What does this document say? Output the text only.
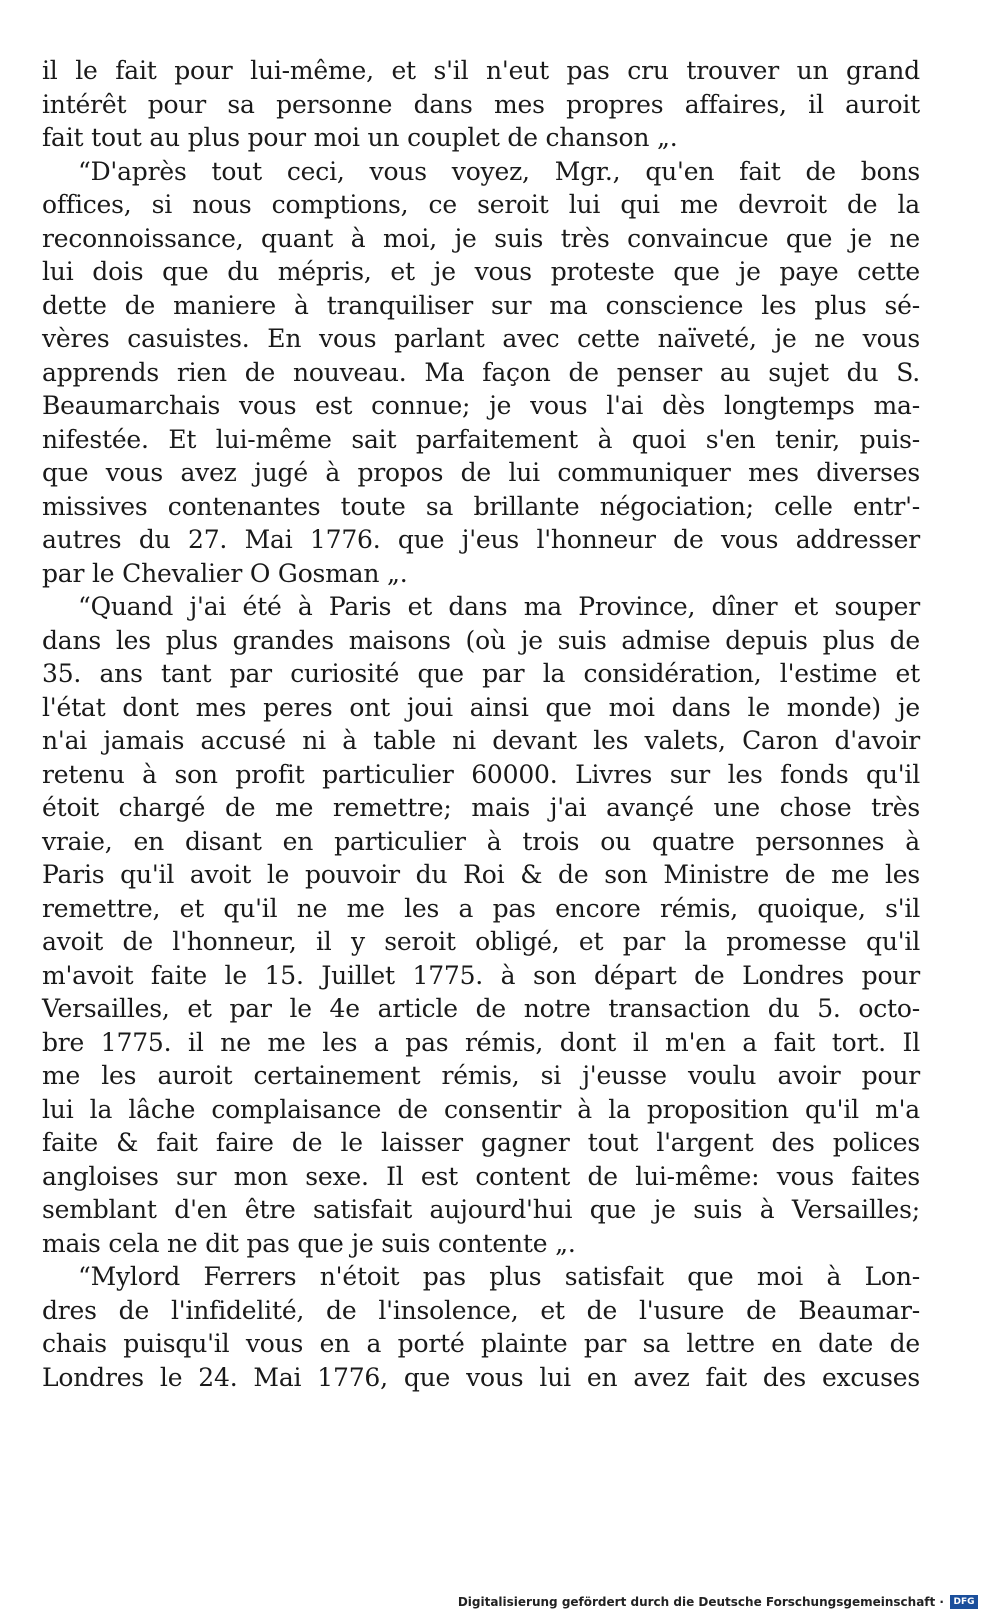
il le fait pour lui-même, et s'il n'eut pas cru trouver un grand
intérêt pour sa personne dans mes propres affaires, il auroit
fait tout au plus pour moi un couplet de chanson „.
“D'après tout ceci, vous voyez, Mgr., qu'en fait de bons
offices, si nous comptions, ce seroit lui qui me devroit de la
reconnoissance, quant à moi, je suis très convaincue que je ne
lui dois que du mépris, et je vous proteste que je paye cette
dette de maniere à tranquiliser sur ma conscience les plus sé-
vères casuistes. En vous parlant avec cette naïveté, je ne vous
apprends rien de nouveau. Ma façon de penser au sujet du S.
Beaumarchais vous est connue; je vous l'ai dès longtemps ma-
nifestée. Et lui-même sait parfaitement à quoi s'en tenir, puis-
que vous avez jugé à propos de lui communiquer mes diverses
missives contenantes toute sa brillante négociation; celle entr'-
autres du 27. Mai 1776. que j'eus l'honneur de vous addresser
par le Chevalier O Gosman „.
“Quand j'ai été à Paris et dans ma Province, dîner et souper
dans les plus grandes maisons (où je suis admise depuis plus de
35. ans tant par curiosité que par la considération, l'estime et
l'état dont mes peres ont joui ainsi que moi dans le monde) je
n'ai jamais accusé ni à table ni devant les valets, Caron d'avoir
retenu à son profit particulier 60000. Livres sur les fonds qu'il
étoit chargé de me remettre; mais j'ai avançé une chose très
vraie, en disant en particulier à trois ou quatre personnes à
Paris qu'il avoit le pouvoir du Roi & de son Ministre de me les
remettre, et qu'il ne me les a pas encore rémis, quoique, s'il
avoit de l'honneur, il y seroit obligé, et par la promesse qu'il
m'avoit faite le 15. Juillet 1775. à son départ de Londres pour
Versailles, et par le 4e article de notre transaction du 5. octo-
bre 1775. il ne me les a pas rémis, dont il m'en a fait tort. Il
me les auroit certainement rémis, si j'eusse voulu avoir pour
lui la lâche complaisance de consentir à la proposition qu'il m'a
faite & fait faire de le laisser gagner tout l'argent des polices
angloises sur mon sexe. Il est content de lui-même: vous faites
semblant d'en être satisfait aujourd'hui que je suis à Versailles;
mais cela ne dit pas que je suis contente „.
“Mylord Ferrers n'étoit pas plus satisfait que moi à Lon-
dres de l'infidelité, de l'insolence, et de l'usure de Beaumar-
chais puisqu'il vous en a porté plainte par sa lettre en date de
Londres le 24. Mai 1776, que vous lui en avez fait des excuses
Digitalisierung gefördert durch die Deutsche Forschungsgemeinschaft ·	DFG
